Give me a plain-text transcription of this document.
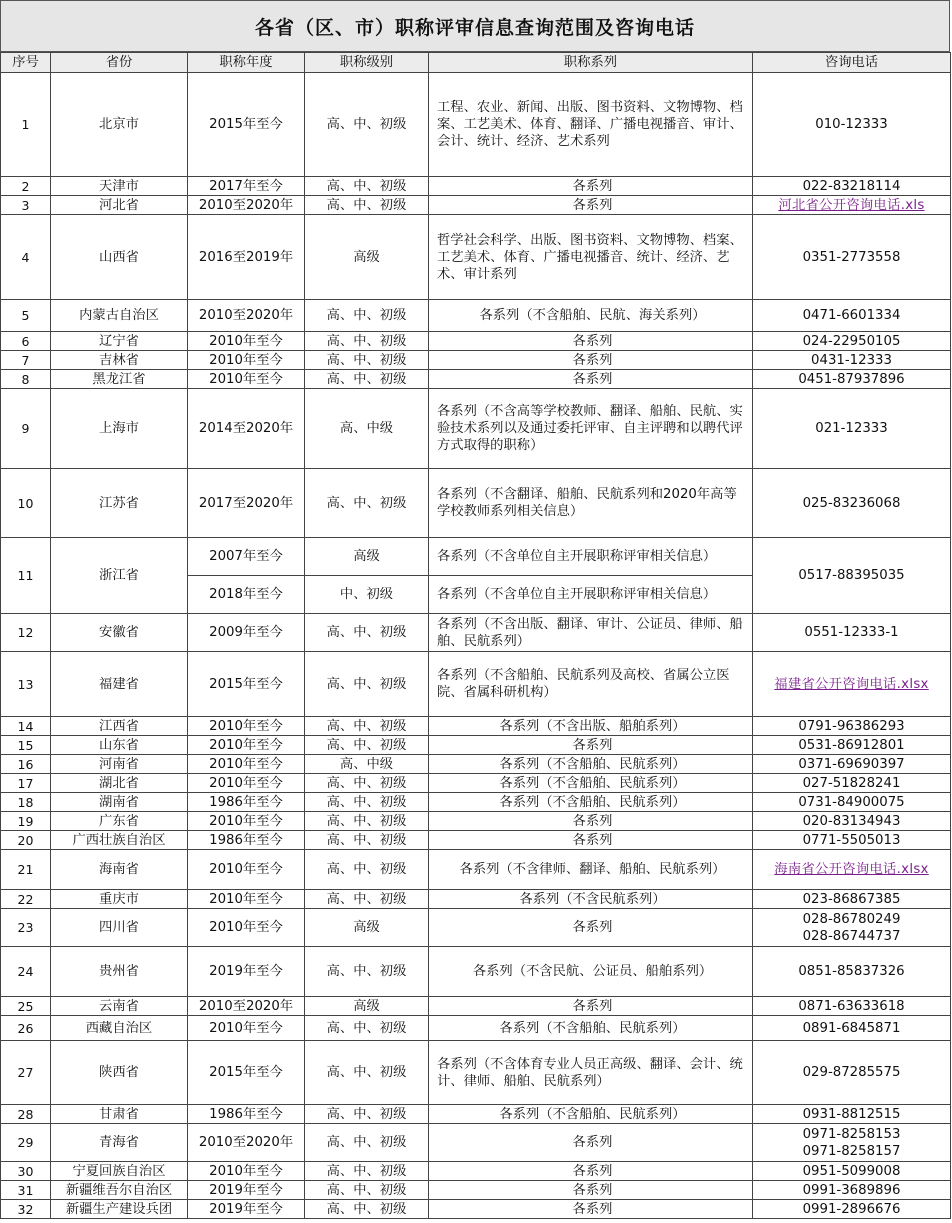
各省（区、市）职称评审信息查询范围及咨询电话
序号	省份	职称年度	职称级别	职称系列	咨询电话
1	北京市	2015年至今	高、中、初级	工程、农业、新闻、出版、图书资料、文物博物、档案、工艺美术、体育、翻译、广播电视播音、审计、会计、统计、经济、艺术系列	010-12333

2	天津市	2017年至今	高、中、初级	各系列	022-83218114

3	河北省	2010至2020年	高、中、初级	各系列	河北省公开咨询电话.xls

4	山西省	2016至2019年	高级	哲学社会科学、出版、图书资料、文物博物、档案、工艺美术、体育、广播电视播音、统计、经济、艺术、审计系列	0351-2773558

5	内蒙古自治区	2010至2020年	高、中、初级	各系列（不含船舶、民航、海关系列）	0471-6601334

6	辽宁省	2010年至今	高、中、初级	各系列	024-22950105

7	吉林省	2010年至今	高、中、初级	各系列	0431-12333

8	黑龙江省	2010年至今	高、中、初级	各系列	0451-87937896

9	上海市	2014至2020年	高、中级	各系列（不含高等学校教师、翻译、船舶、民航、实验技术系列以及通过委托评审、自主评聘和以聘代评方式取得的职称）	021-12333

10	江苏省	2017至2020年	高、中、初级	各系列（不含翻译、船舶、民航系列和2020年高等学校教师系列相关信息）	025-83236068

11	浙江省	2007年至今	高级	各系列（不含单位自主开展职称评审相关信息）	0517-88395035

		2018年至今	中、初级	各系列（不含单位自主开展职称评审相关信息）	
12	安徽省	2009年至今	高、中、初级	各系列（不含出版、翻译、审计、公证员、律师、船舶、民航系列）	0551-12333-1

13	福建省	2015年至今	高、中、初级	各系列（不含船舶、民航系列及高校、省属公立医院、省属科研机构）	福建省公开咨询电话.xlsx

14	江西省	2010年至今	高、中、初级	各系列（不含出版、船舶系列）	0791-96386293

15	山东省	2010年至今	高、中、初级	各系列	0531-86912801

16	河南省	2010年至今	高、中级	各系列（不含船舶、民航系列）	0371-69690397

17	湖北省	2010年至今	高、中、初级	各系列（不含船舶、民航系列）	027-51828241

18	湖南省	1986年至今	高、中、初级	各系列（不含船舶、民航系列）	0731-84900075

19	广东省	2010年至今	高、中、初级	各系列	020-83134943

20	广西壮族自治区	1986年至今	高、中、初级	各系列	0771-5505013

21	海南省	2010年至今	高、中、初级	各系列（不含律师、翻译、船舶、民航系列）	海南省公开咨询电话.xlsx

22	重庆市	2010年至今	高、中、初级	各系列（不含民航系列）	023-86867385

23	四川省	2010年至今	高级	各系列	028-86780249
028-86744737

24	贵州省	2019年至今	高、中、初级	各系列（不含民航、公证员、船舶系列）	0851-85837326

25	云南省	2010至2020年	高级	各系列	0871-63633618

26	西藏自治区	2010年至今	高、中、初级	各系列（不含船舶、民航系列）	0891-6845871

27	陕西省	2015年至今	高、中、初级	各系列（不含体育专业人员正高级、翻译、会计、统计、律师、船舶、民航系列）	029-87285575

28	甘肃省	1986年至今	高、中、初级	各系列（不含船舶、民航系列）	0931-8812515

29	青海省	2010至2020年	高、中、初级	各系列	0971-8258153
0971-8258157

30	宁夏回族自治区	2010年至今	高、中、初级	各系列	0951-5099008

31	新疆维吾尔自治区	2019年至今	高、中、初级	各系列	0991-3689896

32	新疆生产建设兵团	2019年至今	高、中、初级	各系列	0991-2896676
